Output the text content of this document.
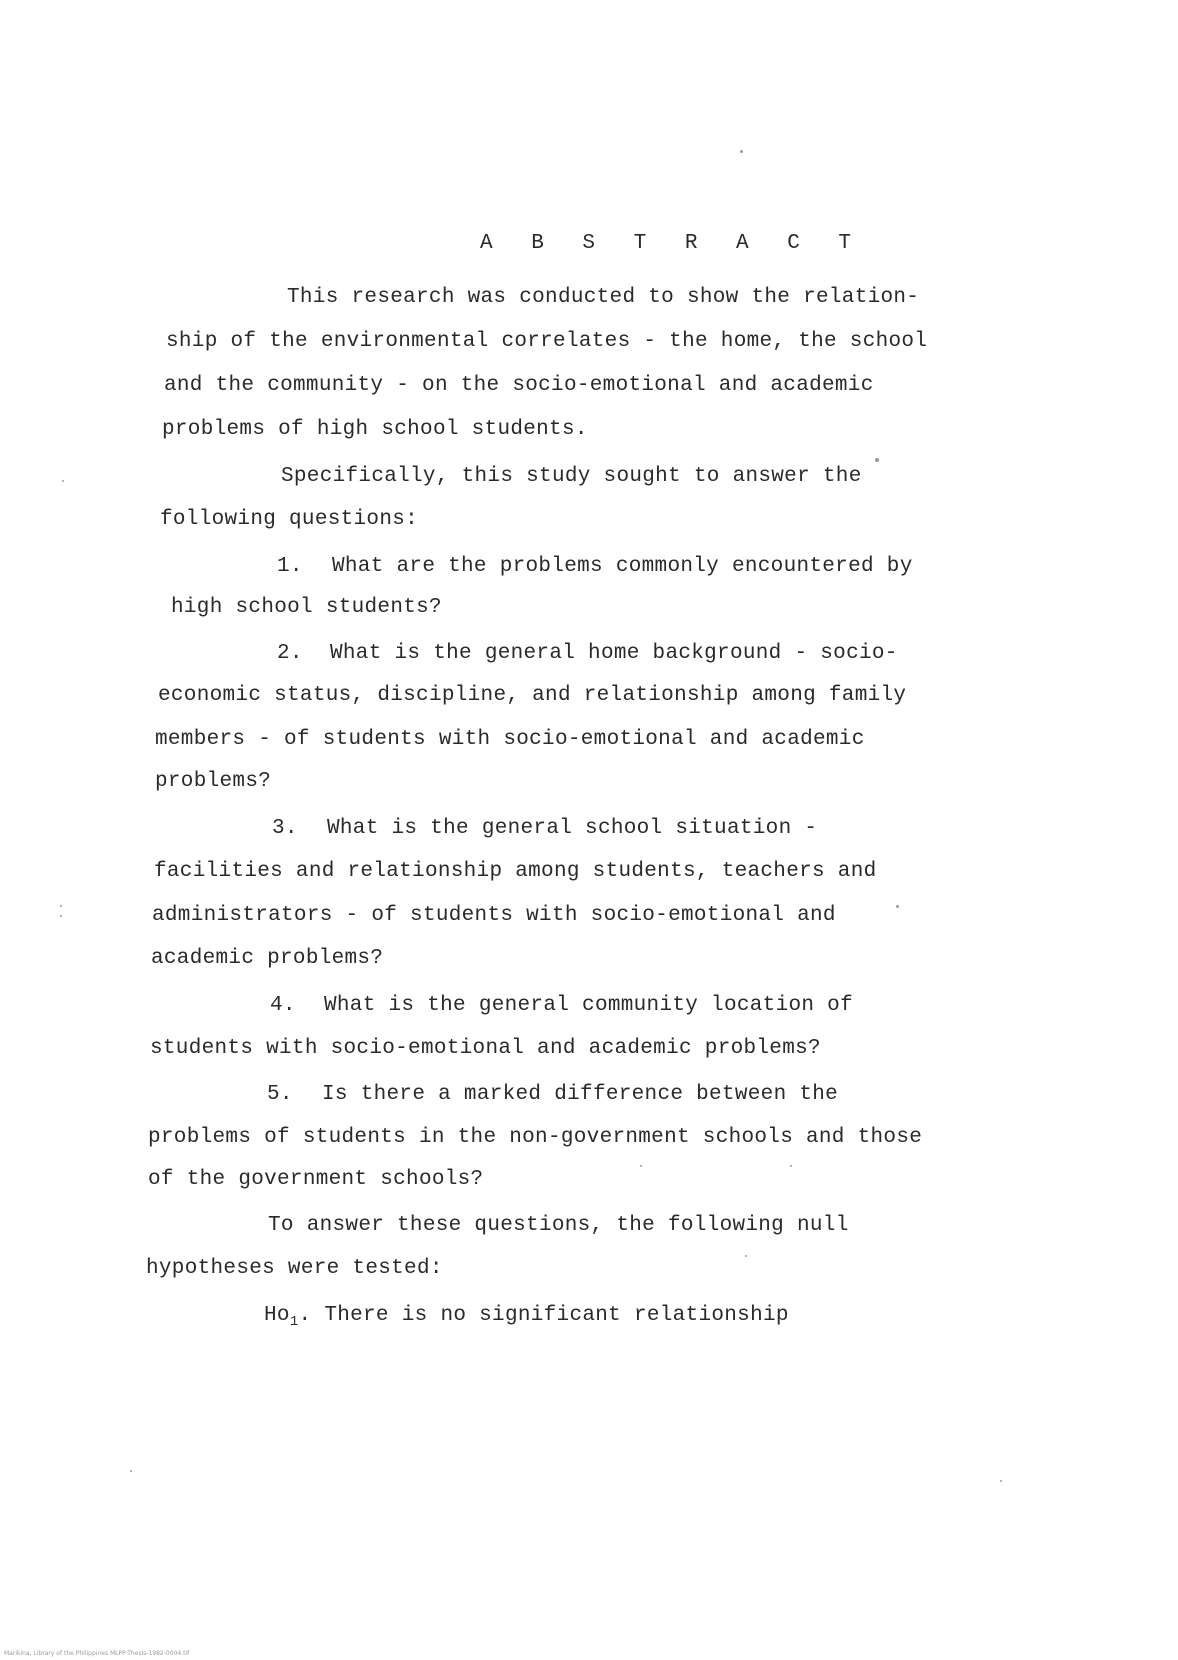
A B S T R A C T
This research was conducted to show the relation-
ship of the environmental correlates - the home, the school
and the community - on the socio-emotional and academic
problems of high school students.
Specifically, this study sought to answer the
following questions:
1. What are the problems commonly encountered by
high school students?
2. What is the general home background - socio-
economic status, discipline, and relationship among family
members - of students with socio-emotional and academic
problems?
3. What is the general school situation -
facilities and relationship among students, teachers and
administrators - of students with socio-emotional and
academic problems?
4. What is the general community location of
students with socio-emotional and academic problems?
5. Is there a marked difference between the
problems of students in the non-government schools and those
of the government schools?
To answer these questions, the following null
hypotheses were tested:
$Ho_1$. There is no significant relationship
Marikina, Library of the Philippines MLPP-Thesis-1982-0004.tif
